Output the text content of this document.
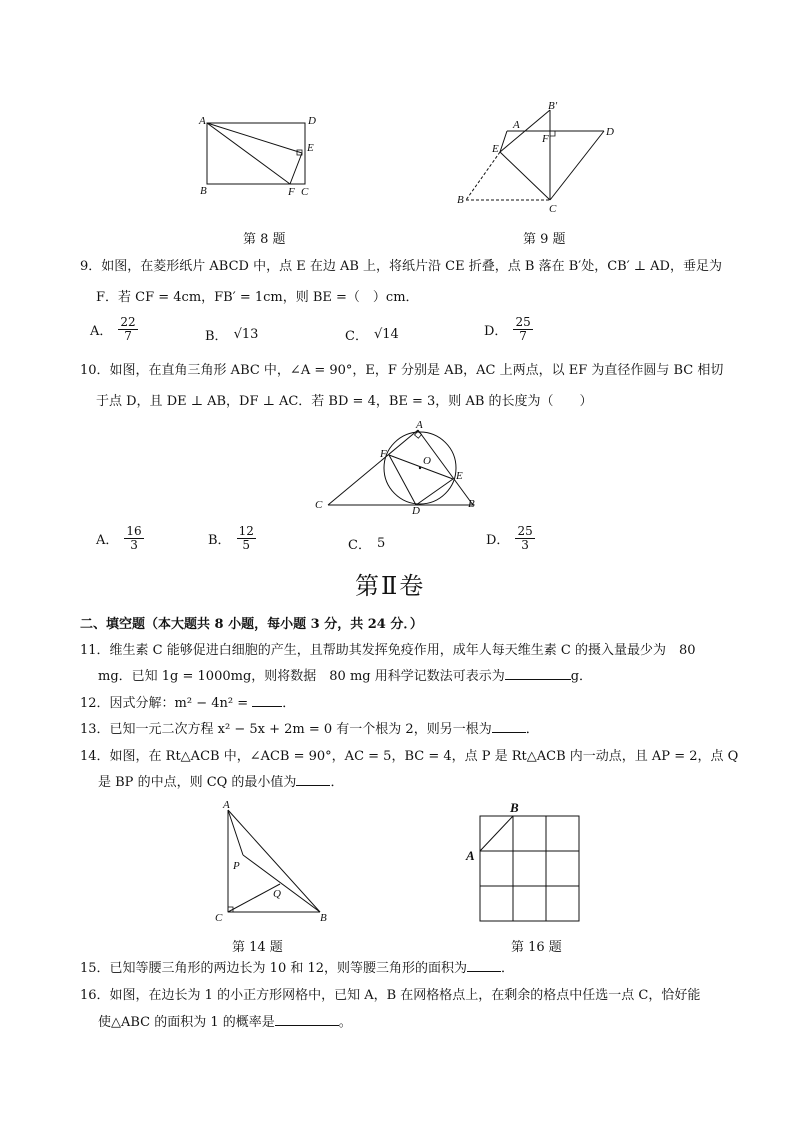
A	D
E
B	F C
第 8 题
B′
A
F
D
E
B
C
第 9 题
9．如图，在菱形纸片 ABCD 中，点 E 在边 AB 上，将纸片沿 CE 折叠，点 B 落在 B′处，CB′ ⊥ AD，垂足为
F．若 CF = 4cm，FB′ = 1cm，则 BE =（　）cm．
A． $\frac{22}{7}$	B． √13	C． √14	D． $\frac{25}{7}$
10．如图，在直角三角形 ABC 中，∠A = 90°，E，F 分别是 AB，AC 上两点，以 EF 为直径作圆与 BC 相切
于点 D，且 DE ⊥ AB，DF ⊥ AC．若 BD = 4，BE = 3，则 AB 的长度为（　　）
A
F
O
E
C	D
B
A． $\frac{16}{3}$	B． $\frac{12}{5}$	C． 5	D． $\frac{25}{3}$
第Ⅱ卷
二、填空题（本大题共 8 小题，每小题 3 分，共 24 分．）
11．维生素 C 能够促进白细胞的产生，且帮助其发挥免疫作用，成年人每天维生素 C 的摄入量最少为　80
mg．已知 1g = 1000mg，则将数据　80 mg 用科学记数法可表示为	g．
12．因式分解：m² − 4n² =	．
13．已知一元二次方程 x² − 5x + 2m = 0 有一个根为 2，则另一根为	．
14．如图，在 Rt△ACB 中，∠ACB = 90°，AC = 5，BC = 4，点 P 是 Rt△ACB 内一动点，且 AP = 2，点 Q
是 BP 的中点，则 CQ 的最小值为	．
A
P
Q
C	B
第 14 题
B
A
第 16 题
15．已知等腰三角形的两边长为 10 和 12，则等腰三角形的面积为	．
16．如图，在边长为 1 的小正方形网格中，已知 A，B 在网格格点上，在剩余的格点中任选一点 C，恰好能
使△ABC 的面积为 1 的概率是	。
